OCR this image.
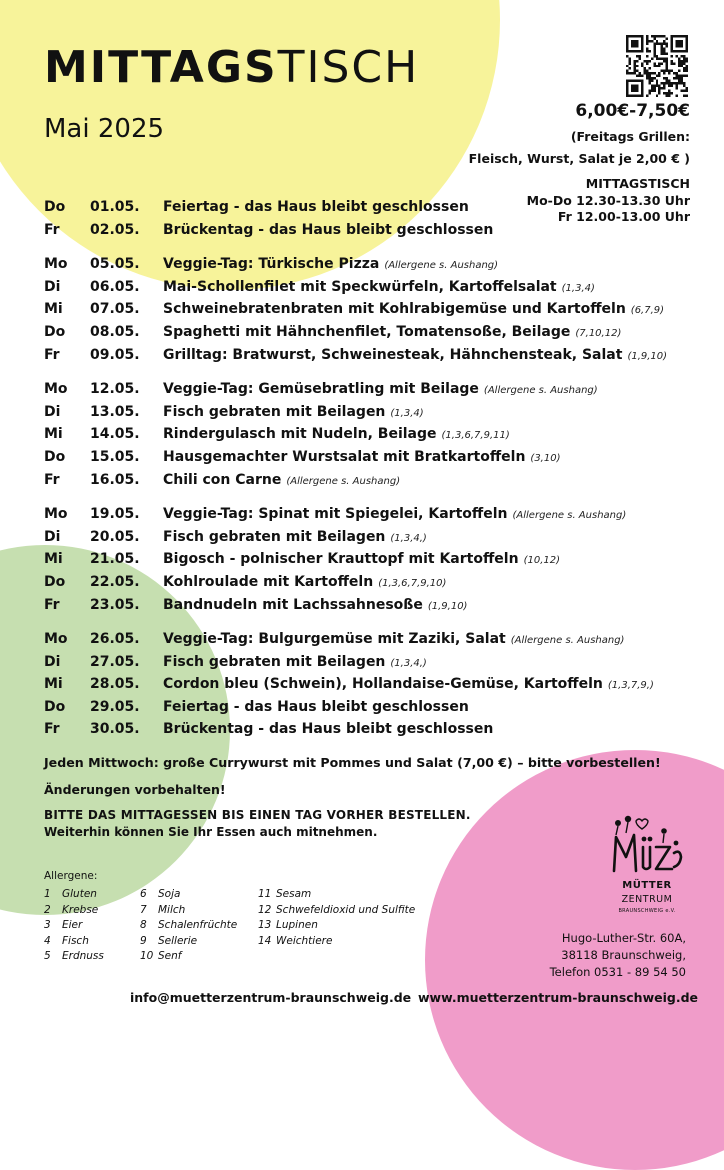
MITTAGSTISCH
Mai 2025
6,00€-7,50€
(Freitags Grillen:
Fleisch, Wurst, Salat je 2,00 € )
MITTAGSTISCH
Mo-Do 12.30-13.30 Uhr
Fr 12.00-13.00 Uhr
Do	01.05.	Feiertag - das Haus bleibt geschlossen
Fr	02.05.	Brückentag - das Haus bleibt geschlossen
Mo	05.05.	Veggie-Tag: Türkische Pizza (Allergene s. Aushang)
Di	06.05.	Mai-Schollenfilet mit Speckwürfeln, Kartoffelsalat (1,3,4)
Mi	07.05.	Schweinebratenbraten mit Kohlrabigemüse und Kartoffeln (6,7,9)
Do	08.05.	Spaghetti mit Hähnchenfilet, Tomatensoße, Beilage (7,10,12)
Fr	09.05.	Grilltag: Bratwurst, Schweinesteak, Hähnchensteak, Salat (1,9,10)
Mo	12.05.	Veggie-Tag: Gemüsebratling mit Beilage (Allergene s. Aushang)
Di	13.05.	Fisch gebraten mit Beilagen (1,3,4)
Mi	14.05.	Rindergulasch mit Nudeln, Beilage (1,3,6,7,9,11)
Do	15.05.	Hausgemachter Wurstsalat mit Bratkartoffeln (3,10)
Fr	16.05.	Chili con Carne (Allergene s. Aushang)
Mo	19.05.	Veggie-Tag: Spinat mit Spiegelei, Kartoffeln (Allergene s. Aushang)
Di	20.05.	Fisch gebraten mit Beilagen (1,3,4,)
Mi	21.05.	Bigosch - polnischer Krauttopf mit Kartoffeln (10,12)
Do	22.05.	Kohlroulade mit Kartoffeln (1,3,6,7,9,10)
Fr	23.05.	Bandnudeln mit Lachssahnesoße (1,9,10)
Mo	26.05.	Veggie-Tag: Bulgurgemüse mit Zaziki, Salat (Allergene s. Aushang)
Di	27.05.	Fisch gebraten mit Beilagen (1,3,4,)
Mi	28.05.	Cordon bleu (Schwein), Hollandaise-Gemüse, Kartoffeln (1,3,7,9,)
Do	29.05.	Feiertag - das Haus bleibt geschlossen
Fr	30.05.	Brückentag - das Haus bleibt geschlossen
Jeden Mittwoch: große Currywurst mit Pommes und Salat (7,00 €) – bitte vorbestellen!
Änderungen vorbehalten!
BITTE DAS MITTAGESSEN BIS EINEN TAG VORHER BESTELLEN.
Weiterhin können Sie Ihr Essen auch mitnehmen.
Allergene:
1 Gluten
2 Krebse
3 Eier
4 Fisch
5 Erdnuss
6 Soja
7 Milch
8 Schalenfrüchte
9 Sellerie
10 Senf
11 Sesam
12 Schwefeldioxid und Sulfite
13 Lupinen
14 Weichtiere
MÜTTER
ZENTRUM
BRAUNSCHWEIG e.V.
Hugo-Luther-Str. 60A,
38118 Braunschweig,
Telefon 0531 - 89 54 50
info@muetterzentrum-braunschweig.de www.muetterzentrum-braunschweig.de
